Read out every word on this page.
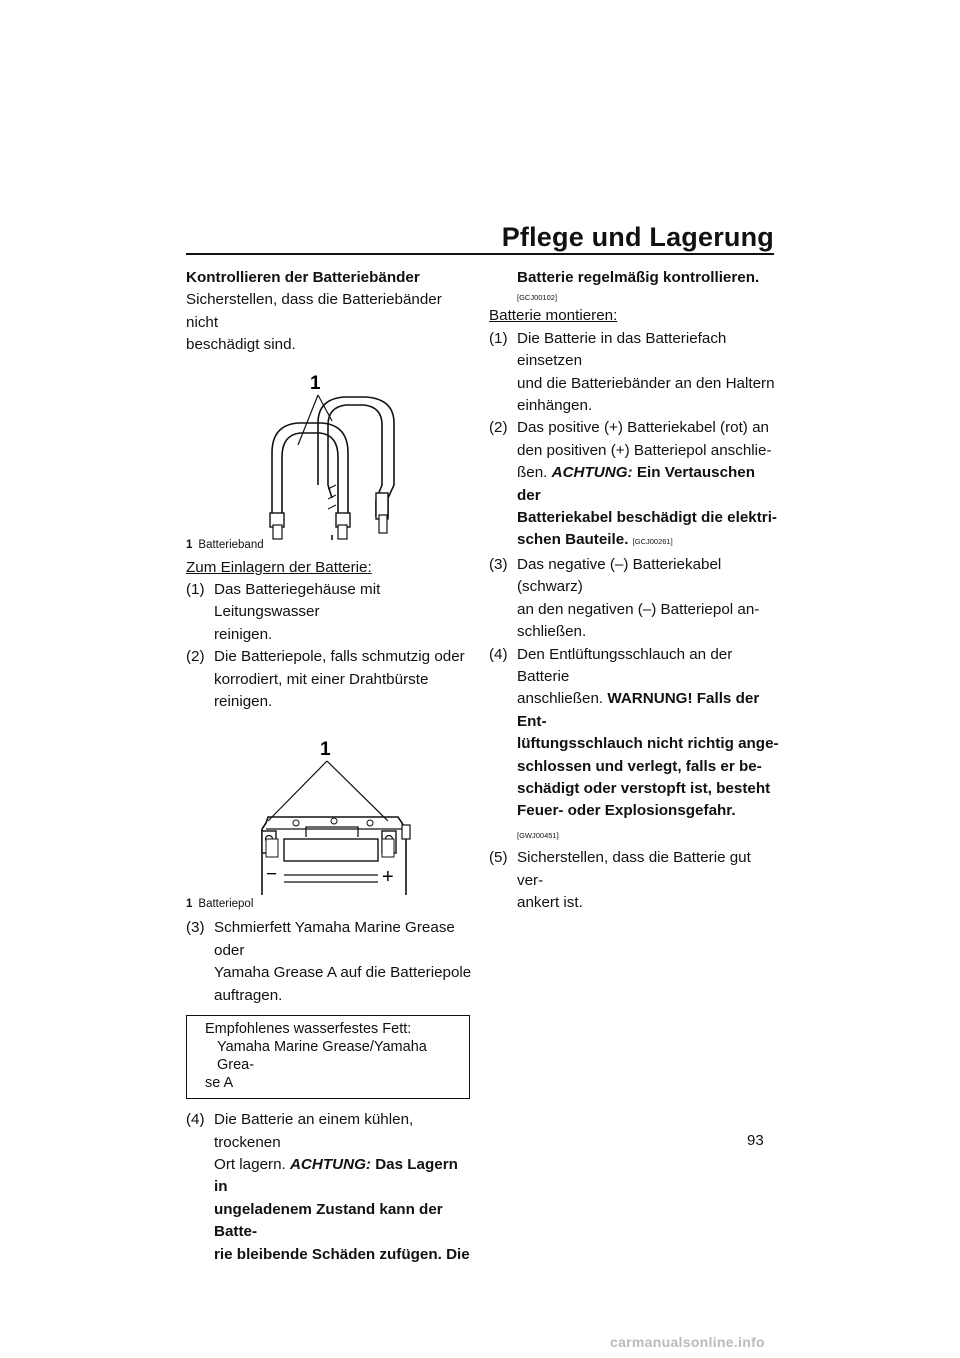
Pflege und Lagerung
Kontrollieren der Batteriebänder
Sicherstellen, dass die Batteriebänder nicht
beschädigt sind.
1
1 Batterieband
Zum Einlagern der Batterie:
(1) Das Batteriegehäuse mit Leitungswasser
reinigen.
(2) Die Batteriepole, falls schmutzig oder
korrodiert, mit einer Drahtbürste reinigen.
1
−	+
1 Batteriepol
(3) Schmierfett Yamaha Marine Grease oder
Yamaha Grease A auf die Batteriepole
auftragen.
Empfohlenes wasserfestes Fett:
Yamaha Marine Grease/Yamaha Grea-
se A
(4) Die Batterie an einem kühlen, trockenen
Ort lagern. ACHTUNG: Das Lagern in
ungeladenem Zustand kann der Batte-
rie bleibende Schäden zufügen. Die
Batterie regelmäßig kontrollieren.
[GCJ00102]
Batterie montieren:
(1) Die Batterie in das Batteriefach einsetzen
und die Batteriebänder an den Haltern
einhängen.
(2) Das positive (+) Batteriekabel (rot) an
den positiven (+) Batteriepol anschlie-
ßen. ACHTUNG: Ein Vertauschen der
Batteriekabel beschädigt die elektri-
schen Bauteile. [GCJ00261]
(3) Das negative (–) Batteriekabel (schwarz)
an den negativen (–) Batteriepol an-
schließen.
(4) Den Entlüftungsschlauch an der Batterie
anschließen. WARNUNG! Falls der Ent-
lüftungsschlauch nicht richtig ange-
schlossen und verlegt, falls er be-
schädigt oder verstopft ist, besteht
Feuer- oder Explosionsgefahr. [GWJ00451]
(5) Sicherstellen, dass die Batterie gut ver-
ankert ist.
93
carmanualsonline.info
